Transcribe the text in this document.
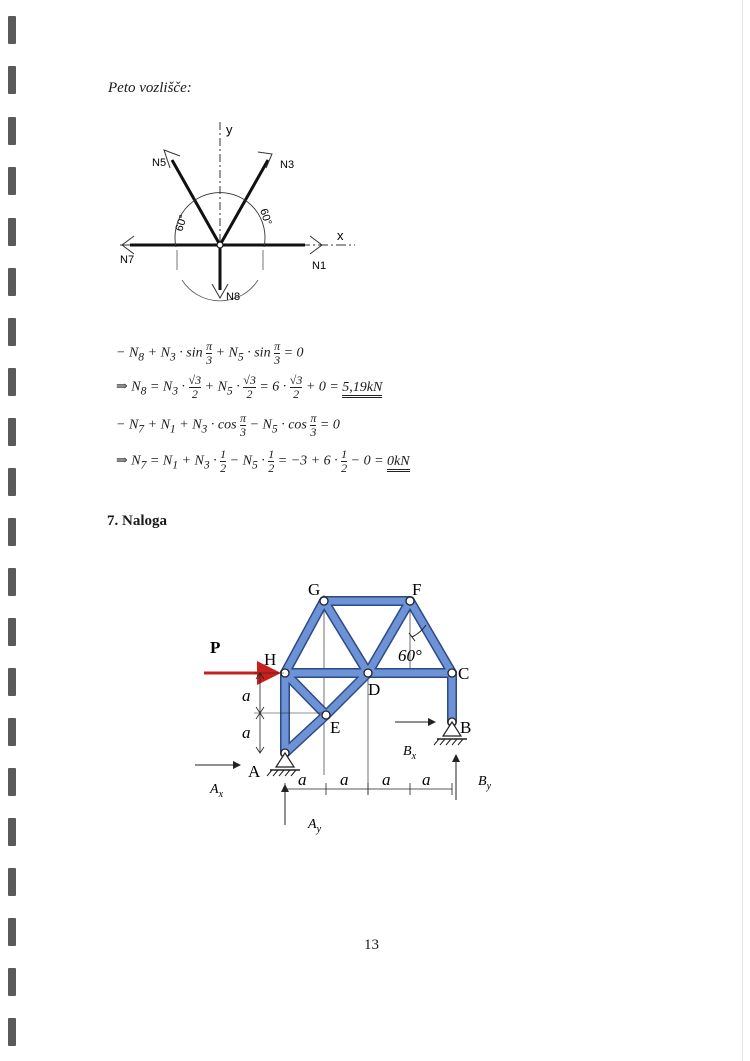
Peto vozlišče:
y
x
N5	N3
N7	N1
N8
60°	60°
− $N_8 + N_3 \cdot \sin \frac{\pi}{3} + N_5 \cdot \sin \frac{\pi}{3} = 0$
⇒ $N_8 = N_3 \cdot \frac{√3}{2} + N_5 \cdot \frac{√3}{2} = 6 \cdot \frac{√3}{2} + 0 = 5,19kN$
− $N_7 + N_1 + N_3 \cdot \cos \frac{\pi}{3} - N_5 \cdot \cos \frac{\pi}{3} = 0$
⇒ $N_7 = N_1 + N_3 \cdot \frac{1}{2} - N_5 \cdot \frac{1}{2} = -3 + 6 \cdot \frac{1}{2} - 0 = 0kN$
7. Naloga
P	60°
G	F
H
C
D
E	B
A
a
a
a a a a
$A_x$
$A_y$
$B_x$
$B_y$
13
